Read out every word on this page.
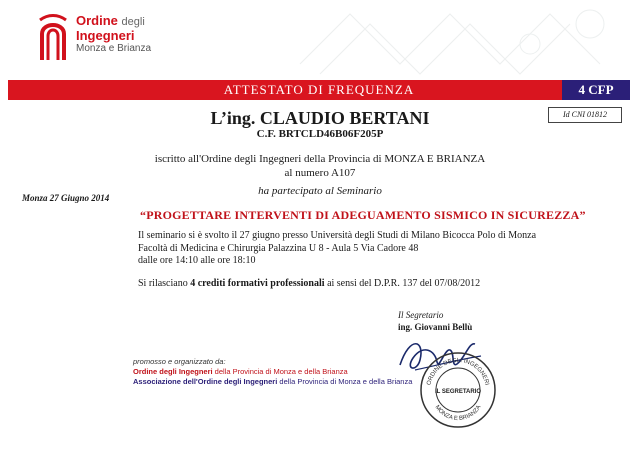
Ordine degli
Ingegneri
Monza e Brianza
ATTESTATO DI FREQUENZA	4 CFP
Id CNI 01812
L’ing. CLAUDIO BERTANI
C.F. BRTCLD46B06F205P
iscritto all'Ordine degli Ingegneri della Provincia di MONZA E BRIANZA
al numero A107
Monza 27 Giugno 2014
ha partecipato al Seminario
“PROGETTARE INTERVENTI DI ADEGUAMENTO SISMICO IN SICUREZZA”
Il seminario si è svolto il 27 giugno presso Università degli Studi di Milano Bicocca Polo di Monza
Facoltà di Medicina e Chirurgia Palazzina U 8 - Aula 5 Via Cadore 48
dalle ore 14:10 alle ore 18:10
Si rilasciano 4 crediti formativi professionali ai sensi del D.P.R. 137 del 07/08/2012
Il Segretario
ing. Giovanni Bellù
ORDINE DEGLI INGEGNERI
MONZA E BRIANZA
IL SEGRETARIO
promosso e organizzato da:
Ordine degli Ingegneri della Provincia di Monza e della Brianza
Associazione dell'Ordine degli Ingegneri della Provincia di Monza e della Brianza
